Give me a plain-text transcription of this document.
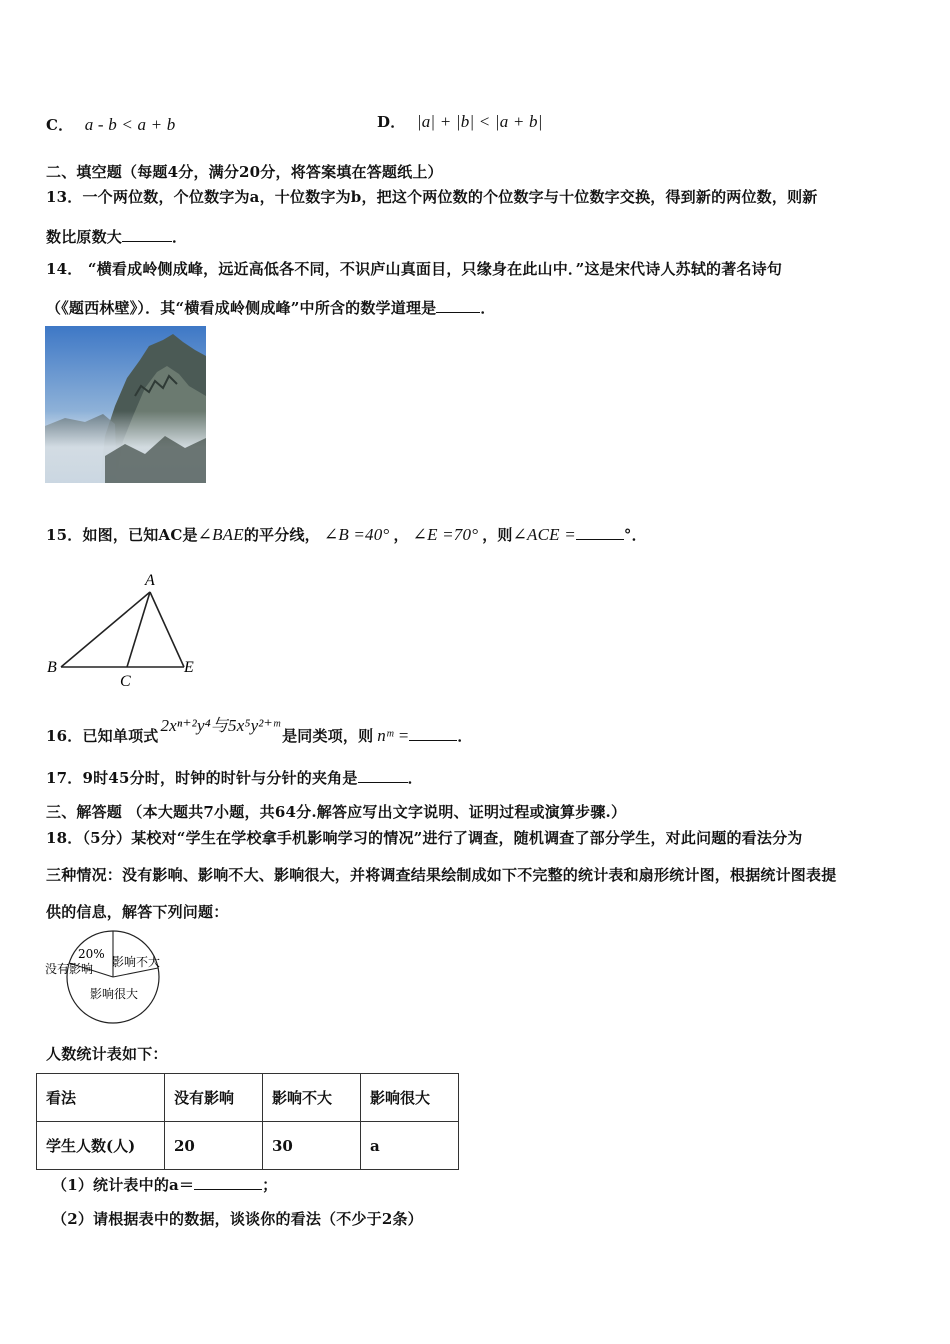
C． a - b < a + b	D． |a| + |b| < |a + b|
二、填空题（每题4分，满分20分，将答案填在答题纸上）
13．一个两位数，个位数字为a，十位数字为b，把这个两位数的个位数字与十位数字交换，得到新的两位数，则新
数比原数大	．
14． “横看成岭侧成峰，远近高低各不同，不识庐山真面目，只缘身在此山中．”这是宋代诗人苏轼的著名诗句
（《题西林壁》）．其“横看成岭侧成峰”中所含的数学道理是	．
15．如图，已知AC是∠BAE的平分线， ∠B =40° ， ∠E =70° ，则∠ACE =	°．
A
B
C
E
16．已知单项式2xⁿ⁺²y⁴与5x⁵y²⁺ᵐ是同类项，则 nᵐ =	．
17．9时45分时，时钟的时针与分针的夹角是	．
三、解答题 （本大题共7小题，共64分.解答应写出文字说明、证明过程或演算步骤.）
18．（5分）某校对“学生在学校拿手机影响学习的情况”进行了调查，随机调查了部分学生，对此问题的看法分为
三种情况：没有影响、影响不大、影响很大，并将调查结果绘制成如下不完整的统计表和扇形统计图，根据统计图表提
供的信息，解答下列问题：
20%
没有影响 影响不大
影响很大
人数统计表如下：
看法	没有影响	影响不大	影响很大
学生人数(人)	20	30	a
（1）统计表中的a＝	；
（2）请根据表中的数据，谈谈你的看法（不少于2条）
